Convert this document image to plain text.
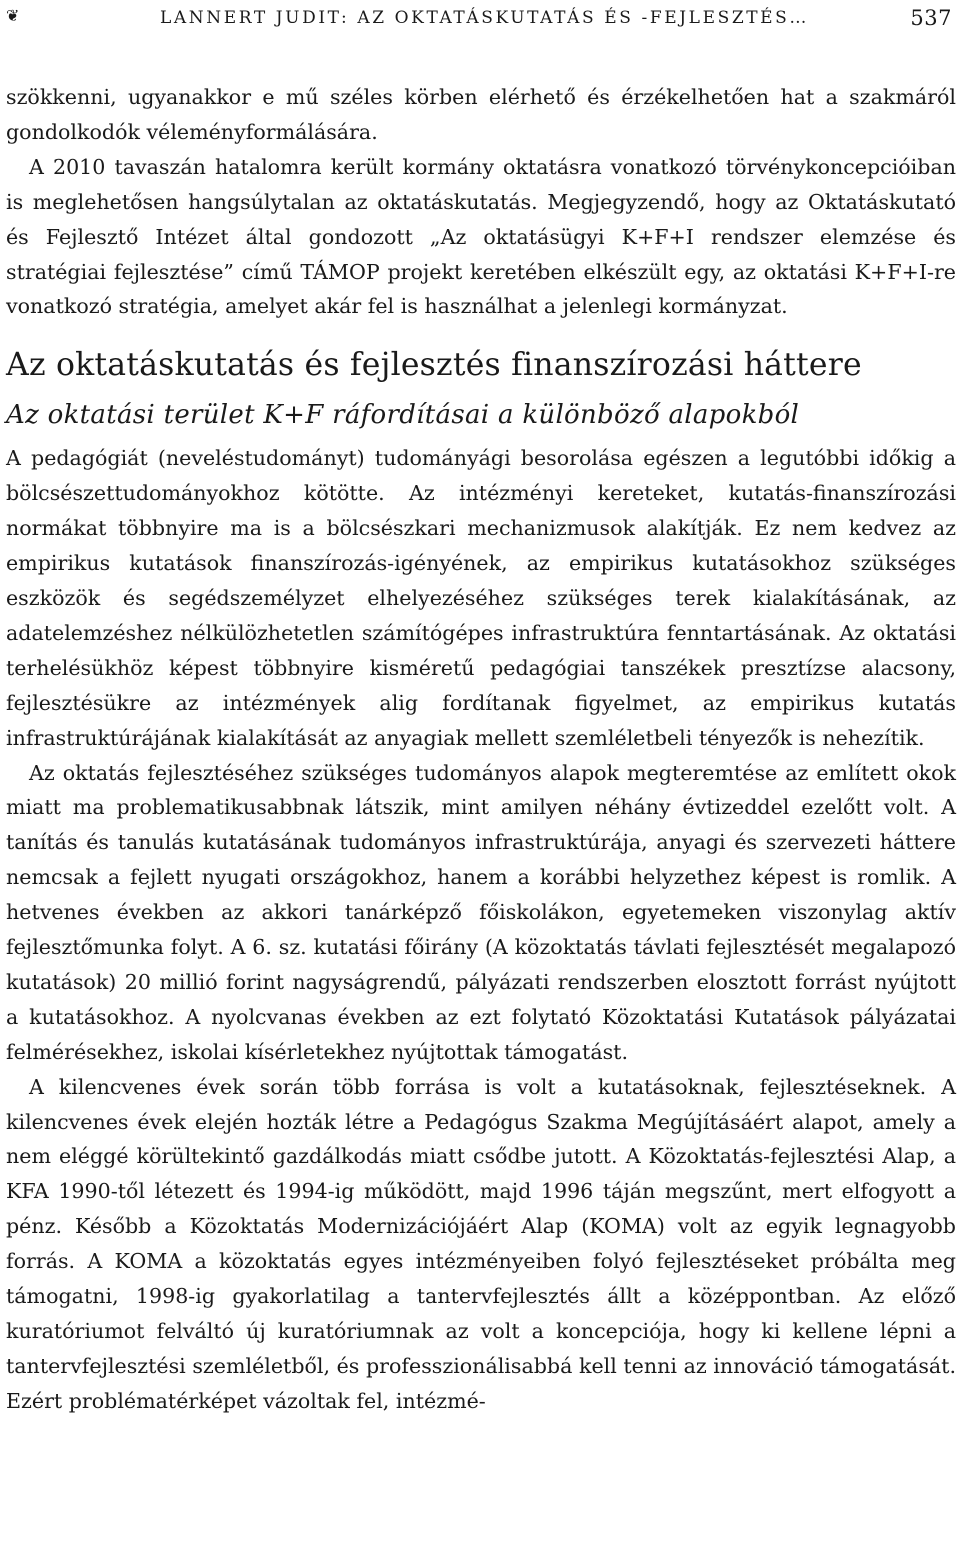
❦	LANNERT JUDIT: AZ OKTATÁSKUTATÁS ÉS -FEJLESZTÉS…	537

szökkenni, ugyanakkor e mű széles körben elérhető és érzékelhetően hat a szakmáról gondolkodók véleményformálására.

A 2010 tavaszán hatalomra került kormány oktatásra vonatkozó törvénykoncepcióiban is meglehetősen hangsúlytalan az oktatáskutatás. Megjegyzendő, hogy az Oktatáskutató és Fejlesztő Intézet által gondozott „Az oktatásügyi K+F+I rendszer elemzése és stratégiai fejlesztése” című TÁMOP projekt keretében elkészült egy, az oktatási K+F+I-re vonatkozó stratégia, amelyet akár fel is használhat a jelenlegi kormányzat.

Az oktatáskutatás és fejlesztés finanszírozási háttere
Az oktatási terület K+F ráfordításai a különböző alapokból

A pedagógiát (neveléstudományt) tudományági besorolása egészen a legutóbbi időkig a bölcsészettudományokhoz kötötte. Az intézményi kereteket, kutatás-finanszírozási normákat többnyire ma is a bölcsészkari mechanizmusok alakítják. Ez nem kedvez az empirikus kutatások finanszírozás-igényének, az empirikus kutatásokhoz szükséges eszközök és segédszemélyzet elhelyezéséhez szükséges terek kialakításának, az adatelemzéshez nélkülözhetetlen számítógépes infrastruktúra fenntartásának. Az oktatási terhelésükhöz képest többnyire kisméretű pedagógiai tanszékek presztízse alacsony, fejlesztésükre az intézmények alig fordítanak figyelmet, az empirikus kutatás infrastruktúrájának kialakítását az anyagiak mellett szemléletbeli tényezők is nehezítik.

Az oktatás fejlesztéséhez szükséges tudományos alapok megteremtése az említett okok miatt ma problematikusabbnak látszik, mint amilyen néhány évtizeddel ezelőtt volt. A tanítás és tanulás kutatásának tudományos infrastruktúrája, anyagi és szervezeti háttere nemcsak a fejlett nyugati országokhoz, hanem a korábbi helyzethez képest is romlik. A hetvenes években az akkori tanárképző főiskolákon, egyetemeken viszonylag aktív fejlesztőmunka folyt. A 6. sz. kutatási főirány (A közoktatás távlati fejlesztését megalapozó kutatások) 20 millió forint nagyságrendű, pályázati rendszerben elosztott forrást nyújtott a kutatásokhoz. A nyolcvanas években az ezt folytató Közoktatási Kutatások pályázatai felmérésekhez, iskolai kísérletekhez nyújtottak támogatást.

A kilencvenes évek során több forrása is volt a kutatásoknak, fejlesztéseknek. A kilencvenes évek elején hozták létre a Pedagógus Szakma Megújításáért alapot, amely a nem eléggé körültekintő gazdálkodás miatt csődbe jutott. A Közoktatás-fejlesztési Alap, a KFA 1990-től létezett és 1994-ig működött, majd 1996 táján megszűnt, mert elfogyott a pénz. Később a Közoktatás Modernizációjáért Alap (KOMA) volt az egyik legnagyobb forrás. A KOMA a közoktatás egyes intézményeiben folyó fejlesztéseket próbálta meg támogatni, 1998-ig gyakorlatilag a tantervfejlesztés állt a középpontban. Az előző kuratóriumot felváltó új kuratóriumnak az volt a koncepciója, hogy ki kellene lépni a tantervfejlesztési szemléletből, és professzionálisabbá kell tenni az innováció támogatását. Ezért problématérképet vázoltak fel, intézmé-
